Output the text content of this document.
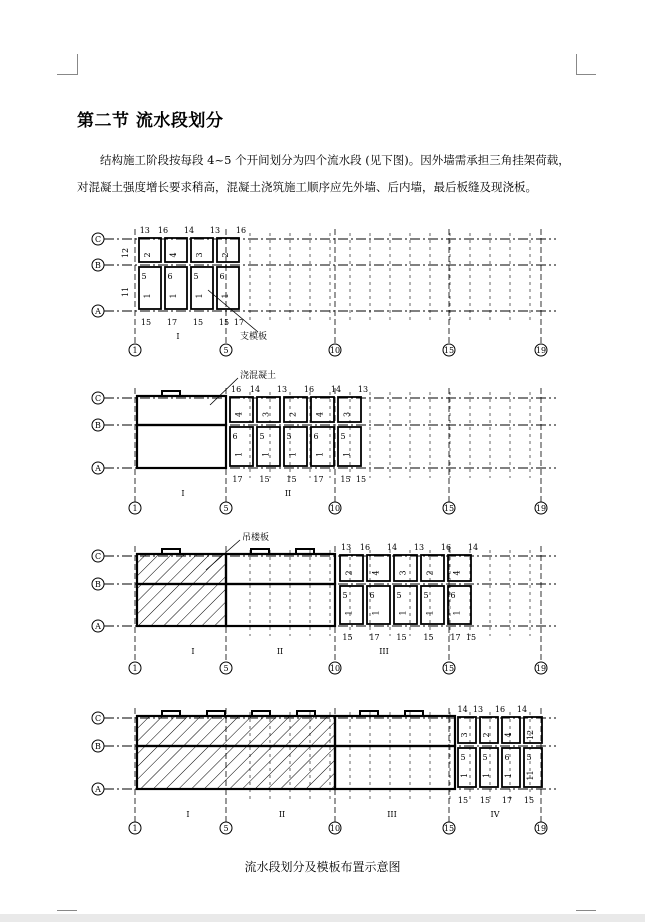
第二节 流水段划分
结构施工阶段按每段 4~5 个开间划分为四个流水段 (见下图)。因外墙需承担三角挂架荷载，
对混凝土强度增长要求稍高，混凝土浇筑施工顺序应先外墙、后内墙，最后板缝及现浇板。
C
B
A
1	5	10	15	19
I
12
11
13
2
5
1
16
15
4
6
1
14
17
3
5
1
13
15
2
6
1
16
15 17
支模板
C
B
A
1	5	10	15	19
I	II
16
4
6
1
14
17
3
5
1
13
15
2
5
1
16
15
4
6
1
14
17
3
5
1
13
15 15
浇混凝土
C
B
A
1	5	10	15	19
I	II	III
13
2
5
1
16
15
4
6
1
14
17
3
5
1
13
15
2
5
1
16
15
4
6
1
14
17 15
吊楼板
C
B
A
1	5	10	15	19
I	II	III	IV
14
3
5
1
13
15
2
5
1
16
15
4
6
1
14
17
12
5
11
15
流水段划分及模板布置示意图
